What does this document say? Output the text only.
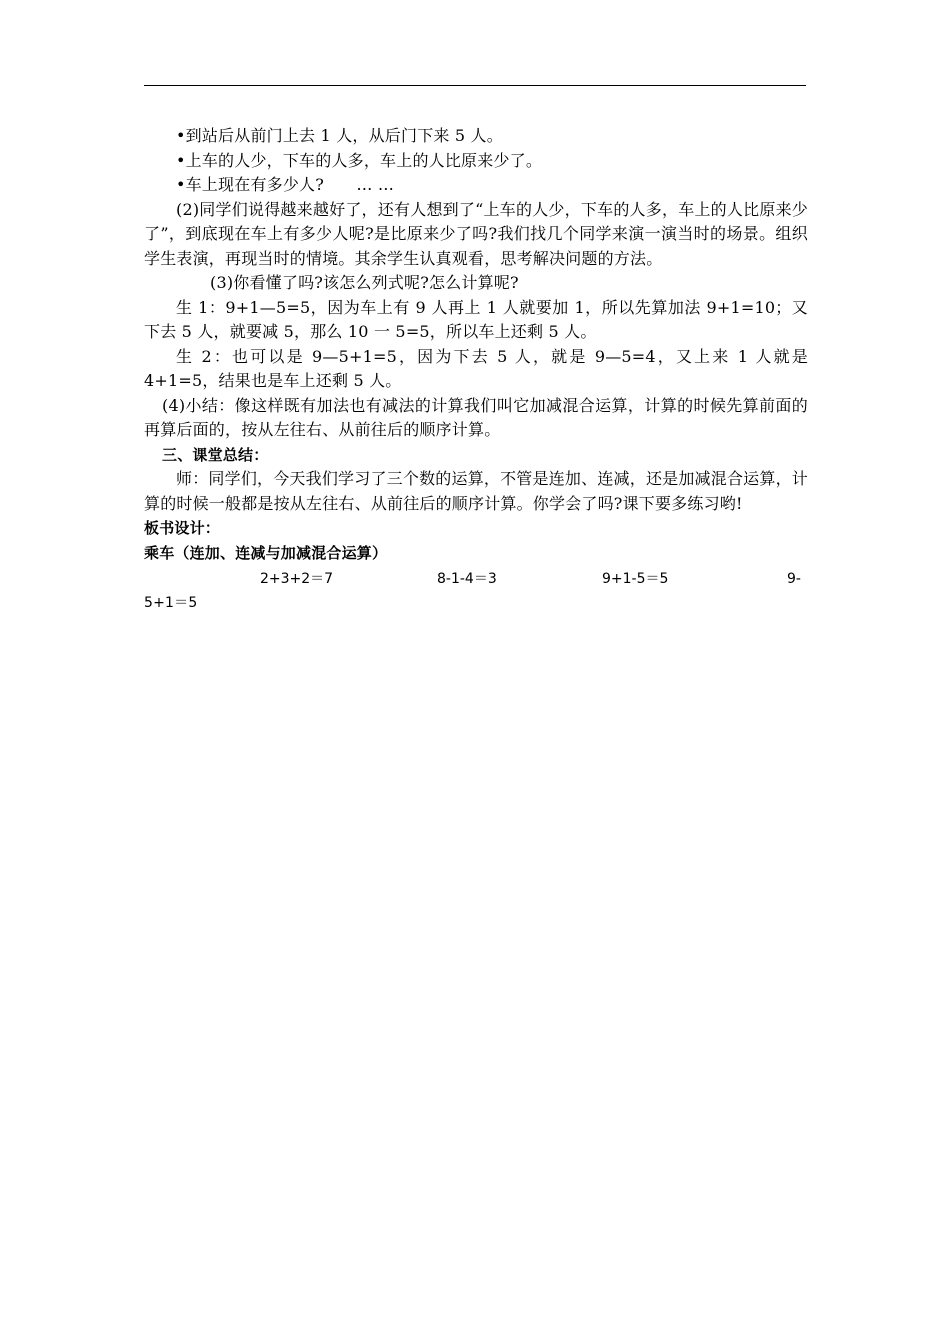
•到站后从前门上去 1 人，从后门下来 5 人。

•上车的人少，下车的人多，车上的人比原来少了。

•车上现在有多少人?　　… …

(2)同学们说得越来越好了，还有人想到了“上车的人少，下车的人多，车上的人比原来少了”，到底现在车上有多少人呢?是比原来少了吗?我们找几个同学来演一演当时的场景。组织学生表演，再现当时的情境。其余学生认真观看，思考解决问题的方法。

(3)你看懂了吗?该怎么列式呢?怎么计算呢?

生 1：9+1—5=5，因为车上有 9 人再上 1 人就要加 1，所以先算加法 9+1=10；又下去 5 人，就要减 5，那么 10 一 5=5，所以车上还剩 5 人。

生 2：也可以是 9—5+1=5，因为下去 5 人，就是 9—5=4，又上来 1 人就是 4+1=5，结果也是车上还剩 5 人。

(4)小结：像这样既有加法也有减法的计算我们叫它加减混合运算，计算的时候先算前面的再算后面的，按从左往右、从前往后的顺序计算。

三、课堂总结：

师：同学们，今天我们学习了三个数的运算，不管是连加、连减，还是加减混合运算，计算的时候一般都是按从左往右、从前往后的顺序计算。你学会了吗?课下要多练习哟!

板书设计：

乘车（连加、连减与加减混合运算）

2+3+2＝7	8-1-4＝3	9+1-5＝5	9-

5+1＝5
